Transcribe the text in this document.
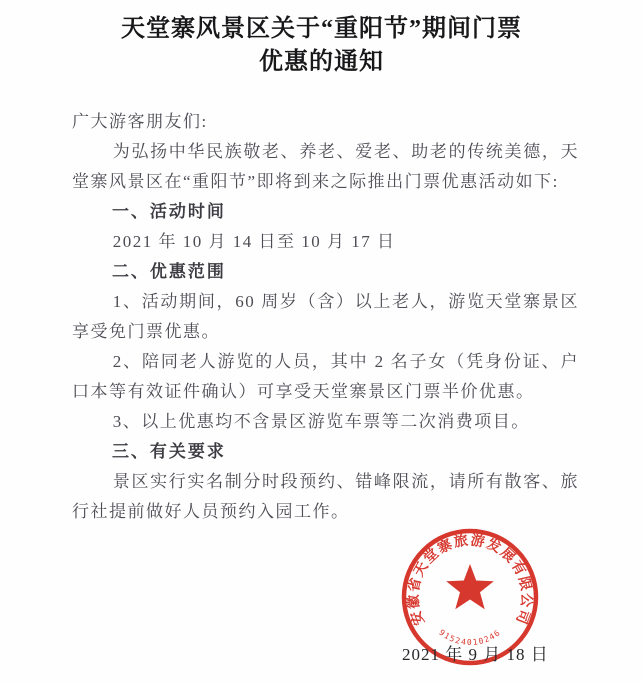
天堂寨风景区关于“重阳节”期间门票
优惠的通知

广大游客朋友们:

为弘扬中华民族敬老、养老、爱老、助老的传统美德，天堂寨风景区在“重阳节”即将到来之际推出门票优惠活动如下:

一、活动时间

2021 年 10 月 14 日至 10 月 17 日

二、优惠范围

1、活动期间，60 周岁（含）以上老人，游览天堂寨景区享受免门票优惠。

2、陪同老人游览的人员，其中 2 名子女（凭身份证、户口本等有效证件确认）可享受天堂寨景区门票半价优惠。

3、以上优惠均不含景区游览车票等二次消费项目。

三、有关要求

景区实行实名制分时段预约、错峰限流，请所有散客、旅行社提前做好人员预约入园工作。

2021 年 9 月 18 日
安徽省天堂寨旅游发展有限公司
91524010246
